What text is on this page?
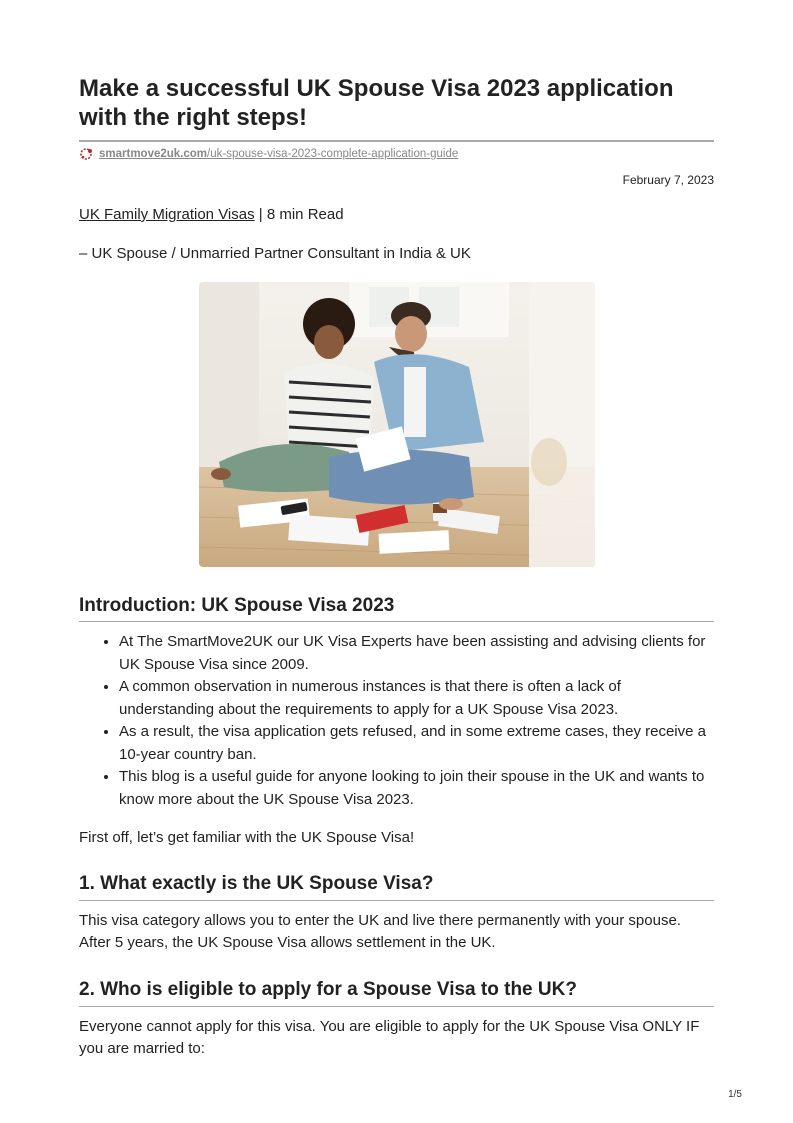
Make a successful UK Spouse Visa 2023 application with the right steps!
smartmove2uk.com/uk-spouse-visa-2023-complete-application-guide
February 7, 2023
UK Family Migration Visas | 8 min Read
– UK Spouse / Unmarried Partner Consultant in India & UK
Introduction: UK Spouse Visa 2023
• At The SmartMove2UK our UK Visa Experts have been assisting and advising clients for UK Spouse Visa since 2009.
• A common observation in numerous instances is that there is often a lack of understanding about the requirements to apply for a UK Spouse Visa 2023.
• As a result, the visa application gets refused, and in some extreme cases, they receive a 10-year country ban.
• This blog is a useful guide for anyone looking to join their spouse in the UK and wants to know more about the UK Spouse Visa 2023.

First off, let’s get familiar with the UK Spouse Visa!

1. What exactly is the UK Spouse Visa?

This visa category allows you to enter the UK and live there permanently with your spouse. After 5 years, the UK Spouse Visa allows settlement in the UK.

2. Who is eligible to apply for a Spouse Visa to the UK?

Everyone cannot apply for this visa. You are eligible to apply for the UK Spouse Visa ONLY IF you are married to:

1/5
